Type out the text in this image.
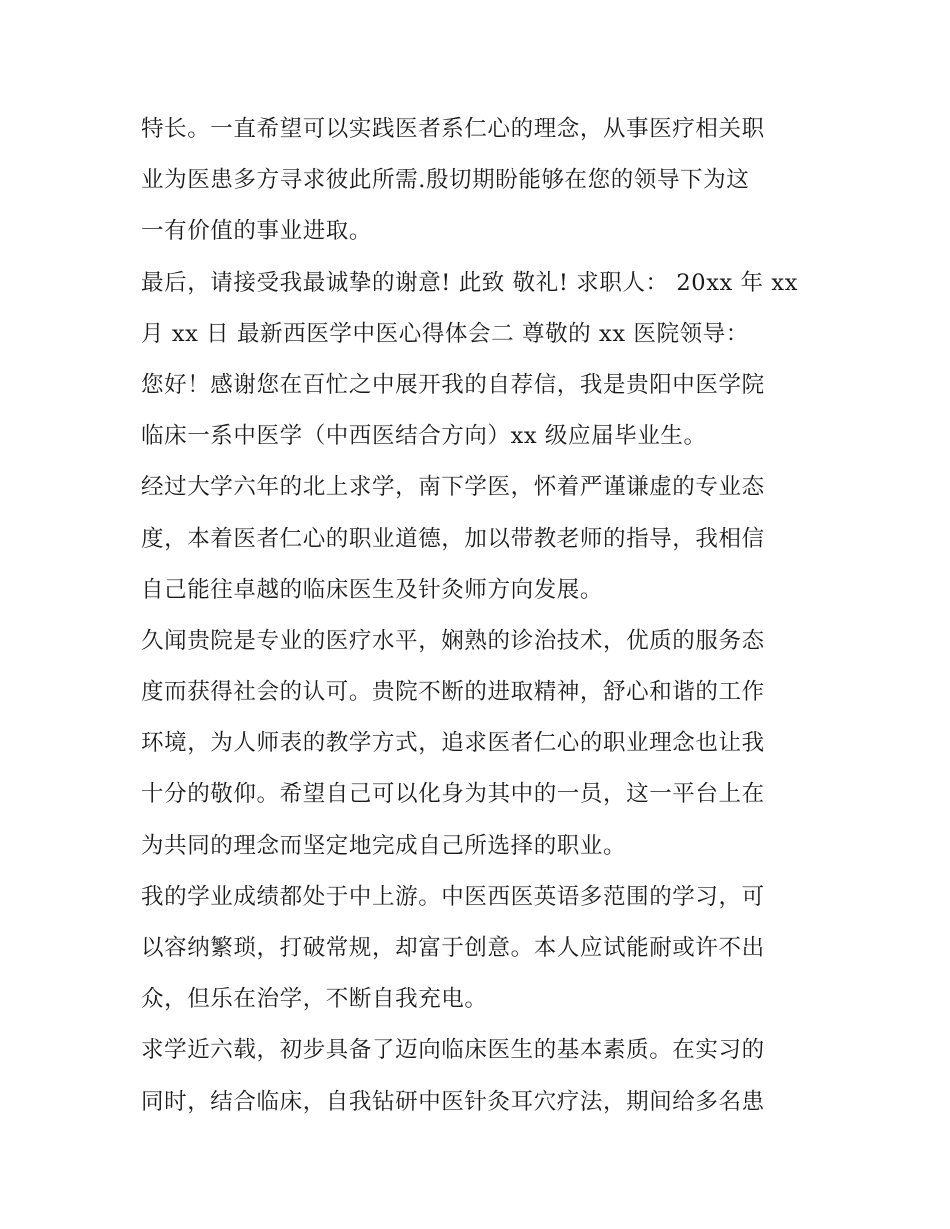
特长。一直希望可以实践医者系仁心的理念，从事医疗相关职
业为医患多方寻求彼此所需.殷切期盼能够在您的领导下为这
一有价值的事业进取。

最后，请接受我最诚挚的谢意! 此致 敬礼! 求职人： 20xx 年 xx
月 xx 日 最新西医学中医心得体会二 尊敬的 xx 医院领导：

您好！感谢您在百忙之中展开我的自荐信，我是贵阳中医学院
临床一系中医学（中西医结合方向）xx 级应届毕业生。

经过大学六年的北上求学，南下学医，怀着严谨谦虚的专业态
度，本着医者仁心的职业道德，加以带教老师的指导，我相信
自己能往卓越的临床医生及针灸师方向发展。

久闻贵院是专业的医疗水平，娴熟的诊治技术，优质的服务态
度而获得社会的认可。贵院不断的进取精神，舒心和谐的工作
环境，为人师表的教学方式，追求医者仁心的职业理念也让我
十分的敬仰。希望自己可以化身为其中的一员，这一平台上在
为共同的理念而坚定地完成自己所选择的职业。

我的学业成绩都处于中上游。中医西医英语多范围的学习，可
以容纳繁琐，打破常规，却富于创意。本人应试能耐或许不出
众，但乐在治学，不断自我充电。

求学近六载，初步具备了迈向临床医生的基本素质。在实习的
同时，结合临床，自我钻研中医针灸耳穴疗法，期间给多名患
